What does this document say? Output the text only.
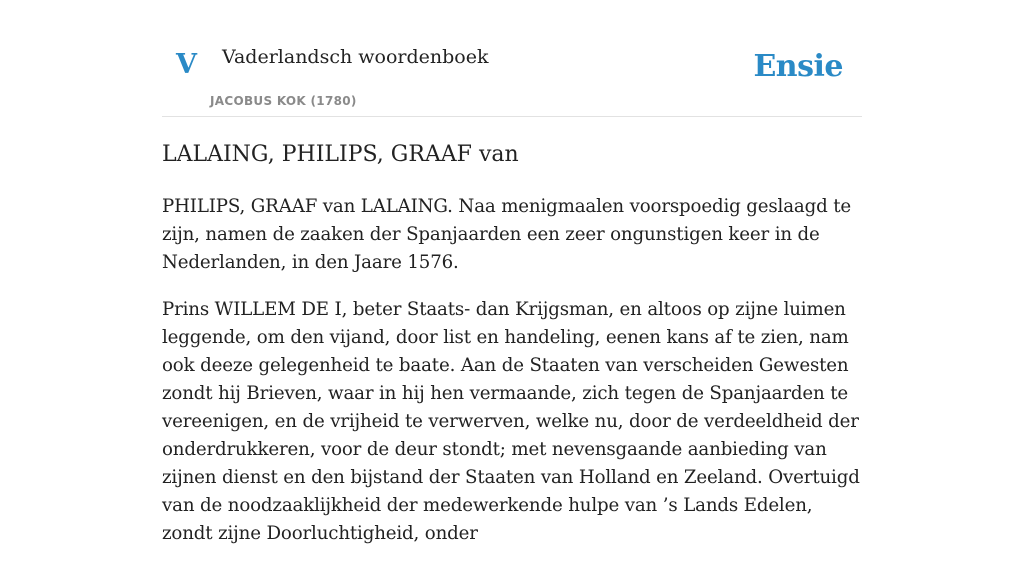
V Vaderlandsch woordenboek
JACOBUS KOK (1780)
Ensie
LALAING, PHILIPS, GRAAF van

PHILIPS, GRAAF van LALAING. Naa menigmaalen voorspoedig geslaagd te zijn, namen de zaaken der Spanjaarden een zeer ongunstigen keer in de Nederlanden, in den Jaare 1576.

Prins WILLEM DE I, beter Staats- dan Krijgsman, en altoos op zijne luimen leggende, om den vijand, door list en handeling, eenen kans af te zien, nam ook deeze gelegenheid te baate. Aan de Staaten van verscheiden Gewesten zondt hij Brieven, waar in hij hen vermaande, zich tegen de Spanjaarden te vereenigen, en de vrijheid te verwerven, welke nu, door de verdeeldheid der onderdrukkeren, voor de deur stondt; met nevensgaande aanbieding van zijnen dienst en den bijstand der Staaten van Holland en Zeeland. Overtuigd van de noodzaaklijkheid der medewerkende hulpe van ’s Lands Edelen, zondt zijne Doorluchtigheid, onder
